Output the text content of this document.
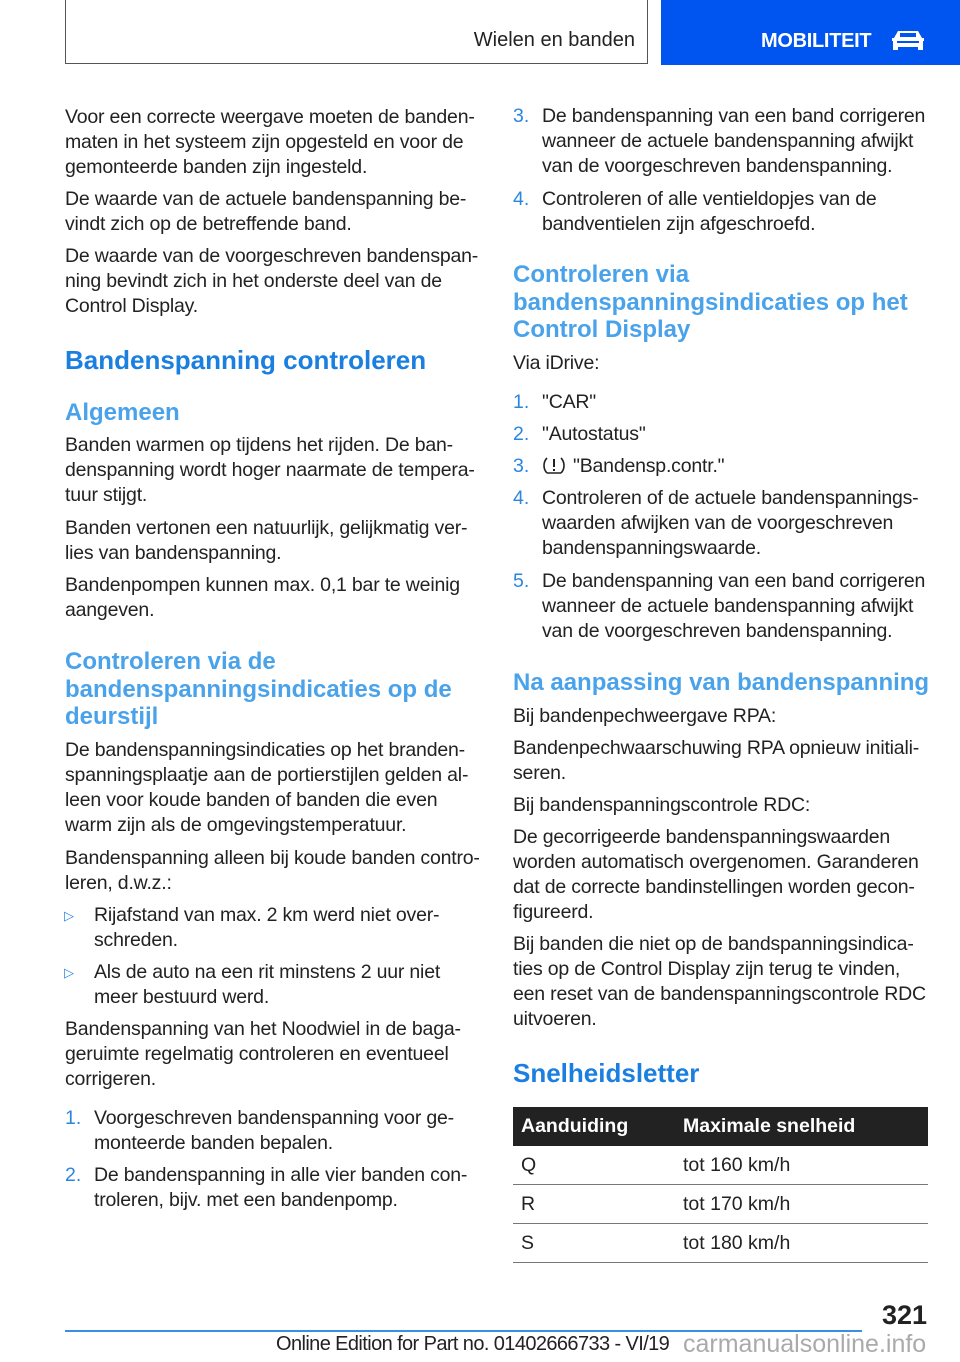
Wielen en banden	MOBILITEIT
Voor een correcte weergave moeten de banden-
maten in het systeem zijn opgesteld en voor de
gemonteerde banden zijn ingesteld.
De waarde van de actuele bandenspanning be-
vindt zich op de betreffende band.
De waarde van de voorgeschreven bandenspan-
ning bevindt zich in het onderste deel van de
Control Display.
Bandenspanning controleren
Algemeen
Banden warmen op tijdens het rijden. De ban-
denspanning wordt hoger naarmate de tempera-
tuur stijgt.
Banden vertonen een natuurlijk, gelijkmatig ver-
lies van bandenspanning.
Bandenpompen kunnen max. 0,1 bar te weinig
aangeven.
Controleren via de
bandenspanningsindicaties op de
deurstijl
De bandenspanningsindicaties op het branden-
spanningsplaatje aan de portierstijlen gelden al-
leen voor koude banden of banden die even
warm zijn als de omgevingstemperatuur.
Bandenspanning alleen bij koude banden contro-
leren, d.w.z.:
▷ Rijafstand van max. 2 km werd niet over-
schreden.
▷ Als de auto na een rit minstens 2 uur niet
meer bestuurd werd.
Bandenspanning van het Noodwiel in de baga-
geruimte regelmatig controleren en eventueel
corrigeren.
1. Voorgeschreven bandenspanning voor ge-
monteerde banden bepalen.
2. De bandenspanning in alle vier banden con-
troleren, bijv. met een bandenpomp.
3. De bandenspanning van een band corrigeren
wanneer de actuele bandenspanning afwijkt
van de voorgeschreven bandenspanning.
4. Controleren of alle ventieldopjes van de
bandventielen zijn afgeschroefd.
Controleren via
bandenspanningsindicaties op het
Control Display
Via iDrive:
1. "CAR"
2. "Autostatus"
3. "Bandensp.contr."
4. Controleren of de actuele bandenspannings-
waarden afwijken van de voorgeschreven
bandenspanningswaarde.
5. De bandenspanning van een band corrigeren
wanneer de actuele bandenspanning afwijkt
van de voorgeschreven bandenspanning.
Na aanpassing van bandenspanning
Bij bandenpechweergave RPA:
Bandenpechwaarschuwing RPA opnieuw initiali-
seren.
Bij bandenspanningscontrole RDC:
De gecorrigeerde bandenspanningswaarden
worden automatisch overgenomen. Garanderen
dat de correcte bandinstellingen worden gecon-
figureerd.
Bij banden die niet op de bandspanningsindica-
ties op de Control Display zijn terug te vinden,
een reset van de bandenspanningscontrole RDC
uitvoeren.
Snelheidsletter
Aanduiding	Maximale snelheid
Q	tot 160 km/h
R	tot 170 km/h
S	tot 180 km/h
321
Online Edition for Part no. 01402666733 - VI/19 carmanualsonline.info
